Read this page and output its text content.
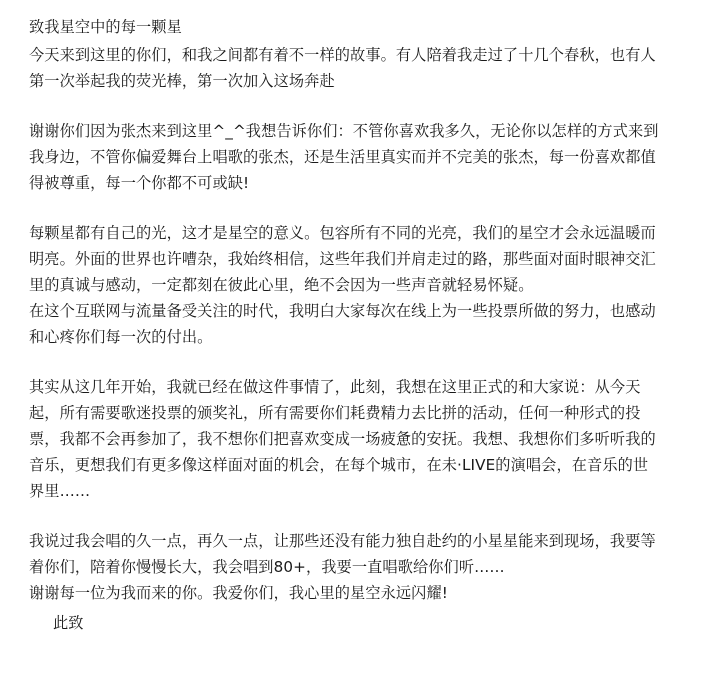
致我星空中的每一颗星
今天来到这里的你们，和我之间都有着不一样的故事。有人陪着我走过了十几个春秋，也有人
第一次举起我的荧光棒，第一次加入这场奔赴
谢谢你们因为张杰来到这里^_^我想告诉你们：不管你喜欢我多久，无论你以怎样的方式来到
我身边，不管你偏爱舞台上唱歌的张杰，还是生活里真实而并不完美的张杰，每一份喜欢都值
得被尊重，每一个你都不可或缺!
每颗星都有自己的光，这才是星空的意义。包容所有不同的光亮，我们的星空才会永远温暖而
明亮。外面的世界也许嘈杂，我始终相信，这些年我们并肩走过的路，那些面对面时眼神交汇
里的真诚与感动，一定都刻在彼此心里，绝不会因为一些声音就轻易怀疑。
在这个互联网与流量备受关注的时代，我明白大家每次在线上为一些投票所做的努力，也感动
和心疼你们每一次的付出。
其实从这几年开始，我就已经在做这件事情了，此刻，我想在这里正式的和大家说：从今天
起，所有需要歌迷投票的颁奖礼，所有需要你们耗费精力去比拼的活动，任何一种形式的投
票，我都不会再参加了，我不想你们把喜欢变成一场疲惫的安抚。我想、我想你们多听听我的
音乐，更想我们有更多像这样面对面的机会，在每个城市，在未·LIVE的演唱会，在音乐的世
界里……
我说过我会唱的久一点，再久一点，让那些还没有能力独自赴约的小星星能来到现场，我要等
着你们，陪着你慢慢长大，我会唱到80+，我要一直唱歌给你们听……
谢谢每一位为我而来的你。我爱你们，我心里的星空永远闪耀!
此致
